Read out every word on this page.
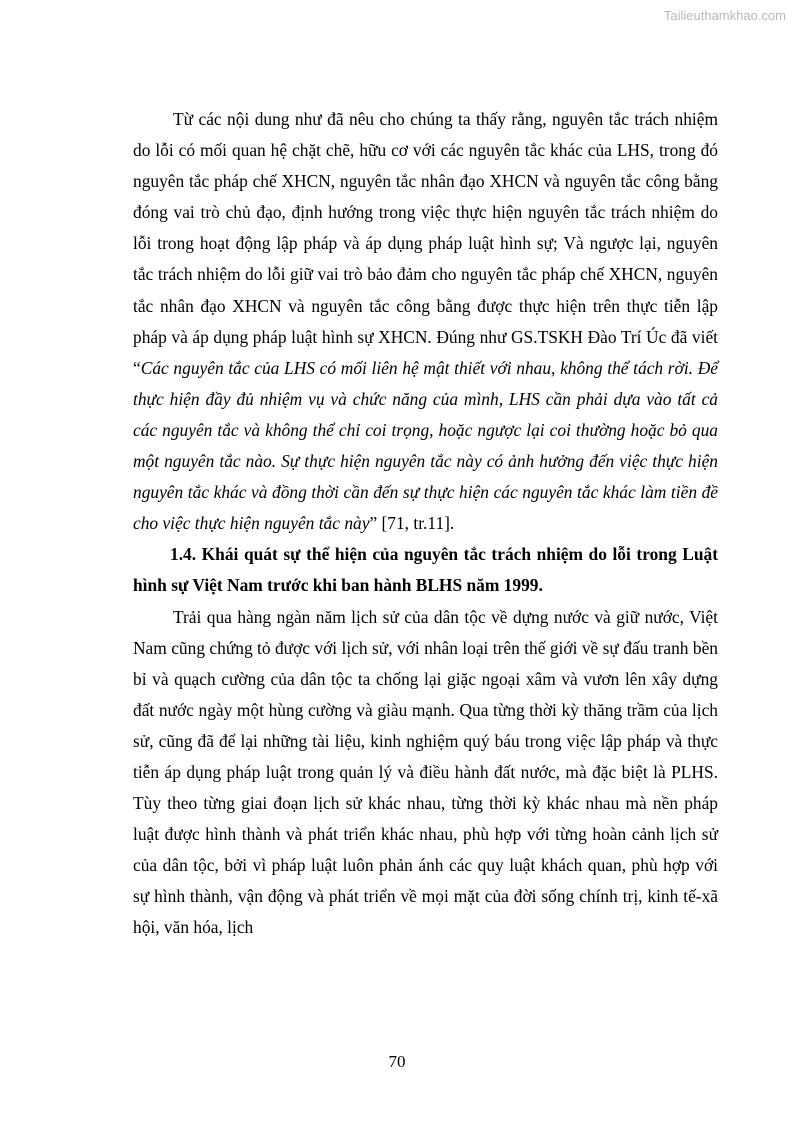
Tailieuthamkhao.com

Từ các nội dung như đã nêu cho chúng ta thấy rằng, nguyên tắc trách nhiệm do lỗi có mối quan hệ chặt chẽ, hữu cơ với các nguyên tắc khác của LHS, trong đó nguyên tắc pháp chế XHCN, nguyên tắc nhân đạo XHCN và nguyên tắc công bằng đóng vai trò chủ đạo, định hướng trong việc thực hiện nguyên tắc trách nhiệm do lỗi trong hoạt động lập pháp và áp dụng pháp luật hình sự; Và ngược lại, nguyên tắc trách nhiệm do lỗi giữ vai trò bảo đảm cho nguyên tắc pháp chế XHCN, nguyên tắc nhân đạo XHCN và nguyên tắc công bằng được thực hiện trên thực tiễn lập pháp và áp dụng pháp luật hình sự XHCN. Đúng như GS.TSKH Đào Trí Úc đã viết “Các nguyên tắc của LHS có mối liên hệ mật thiết với nhau, không thể tách rời. Để thực hiện đầy đủ nhiệm vụ và chức năng của mình, LHS cần phải dựa vào tất cả các nguyên tắc và không thể chỉ coi trọng, hoặc ngược lại coi thường hoặc bỏ qua một nguyên tắc nào. Sự thực hiện nguyên tắc này có ảnh hưởng đến việc thực hiện nguyên tắc khác và đồng thời cần đến sự thực hiện các nguyên tắc khác làm tiền đề cho việc thực hiện nguyên tắc này” [71, tr.11].

1.4. Khái quát sự thể hiện của nguyên tắc trách nhiệm do lỗi trong Luật hình sự Việt Nam trước khi ban hành BLHS năm 1999.

Trải qua hàng ngàn năm lịch sử của dân tộc về dựng nước và giữ nước, Việt Nam cũng chứng tỏ được với lịch sử, với nhân loại trên thế giới về sự đấu tranh bền bỉ và quạch cường của dân tộc ta chống lại giặc ngoại xâm và vươn lên xây dựng đất nước ngày một hùng cường và giàu mạnh. Qua từng thời kỳ thăng trầm của lịch sử, cũng đã để lại những tài liệu, kinh nghiệm quý báu trong việc lập pháp và thực tiễn áp dụng pháp luật trong quản lý và điều hành đất nước, mà đặc biệt là PLHS. Tùy theo từng giai đoạn lịch sử khác nhau, từng thời kỳ khác nhau mà nền pháp luật được hình thành và phát triển khác nhau, phù hợp với từng hoàn cảnh lịch sử của dân tộc, bởi vì pháp luật luôn phản ánh các quy luật khách quan, phù hợp với sự hình thành, vận động và phát triển về mọi mặt của đời sống chính trị, kinh tế-xã hội, văn hóa, lịch

70
